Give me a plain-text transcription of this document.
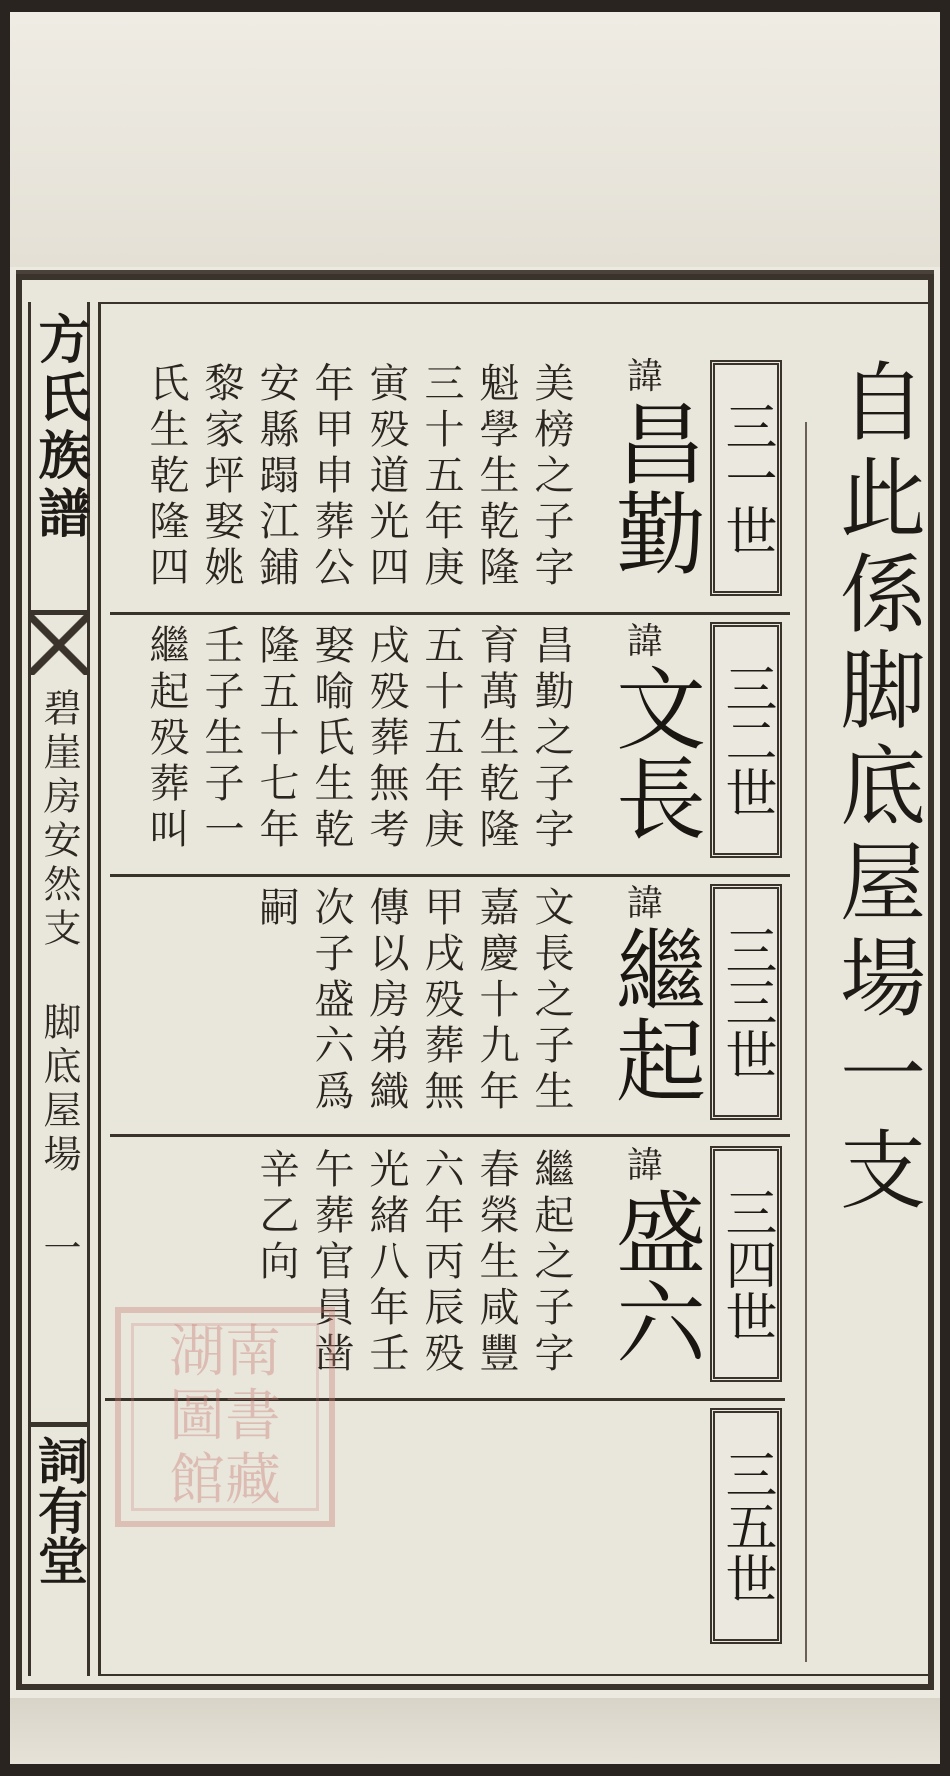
方氏族譜
碧崖房安然支 脚底屋場 一
詞有堂
自此係脚底屋場一支
三一世
三二世
三三世
三四世
三五世
諱
昌勤
美榜之子字
魁學生乾隆
三十五年庚
寅殁道光四
年甲申葬公
安縣蹋江鋪
黎家坪娶姚
氏生乾隆四
諱
文長
昌勤之子字
育萬生乾隆
五十五年庚
戌殁葬無考
娶喻氏生乾
隆五十七年
壬子生子一
繼起殁葬叫
諱
繼起
文長之子生
嘉慶十九年
甲戌殁葬無
傳以房弟織
次子盛六爲
嗣
諱
盛六
繼起之子字
春榮生咸豐
六年丙辰殁
光緒八年壬
午葬官員凿
辛乙向
湖南圖書館藏
